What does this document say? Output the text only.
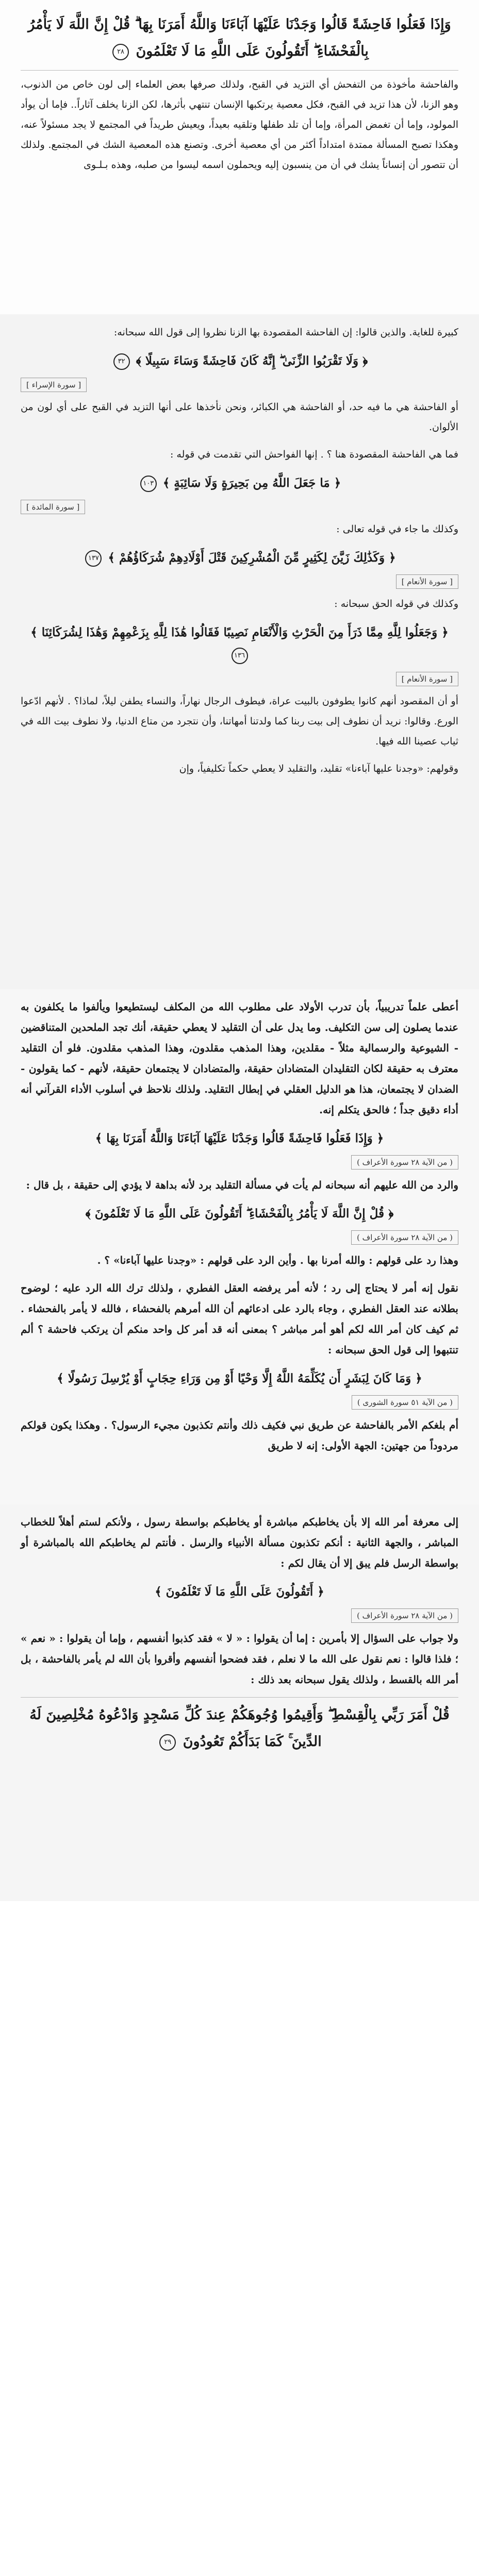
وَإِذَا فَعَلُوا فَاحِشَةً قَالُوا وَجَدْنَا عَلَيْهَا آبَاءَنَا وَاللَّهُ أَمَرَنَا بِهَا ۗ قُلْ إِنَّ اللَّهَ لَا يَأْمُرُ بِالْفَحْشَاءِ ۖ أَتَقُولُونَ عَلَى اللَّهِ مَا لَا تَعْلَمُونَ ٢٨

والفاحشة مأخوذة من التفحش أي التزيد في القبح، ولذلك صرفها بعض العلماء إلى لون خاص من الذنوب، وهو الزنا، لأن هذا تزيد في القبح، فكل معصية يرتكبها الإنسان تنتهي بأثرها، لكن الزنا يخلف آثاراً.. فإما أن يوأد المولود، وإما أن تغمض المرأة، وإما أن تلد طفلها وتلقيه بعيداً، ويعيش طريداً في المجتمع لا يجد مسئولاً عنه، وهكذا تصبح المسألة ممتدة امتداداً أكثر من أي معصية أخرى. وتصنع هذه المعصية الشك في المجتمع. ولذلك أن تتصور أن إنساناً يشك في أن من ينسبون إليه ويحملون اسمه ليسوا من صلبه، وهذه بـلـوى

كبيرة للغاية. والذين قالوا: إن الفاحشة المقصودة بها الزنا نظروا إلى قول الله سبحانه:

﴿ وَلَا تَقْرَبُوا الزِّنَىٰ ۖ إِنَّهُ كَانَ فَاحِشَةً وَسَاءَ سَبِيلًا ﴾ ٣٢
[ سورة الإسراء ]

أو الفاحشة هي ما فيه حد، أو الفاحشة هي الكبائر، ونحن نأخذها على أنها التزيد في القبح على أي لون من الألوان.

فما هي الفاحشة المقصودة هنا ؟ . إنها الفواحش التي تقدمت في قوله :

﴿ مَا جَعَلَ اللَّهُ مِن بَحِيرَةٍ وَلَا سَائِبَةٍ ﴾ ١٠٣
[ سورة المائدة ]

وكذلك ما جاء في قوله تعالى :

﴿ وَكَذَٰلِكَ زَيَّنَ لِكَثِيرٍ مِّنَ الْمُشْرِكِينَ قَتْلَ أَوْلَادِهِمْ شُرَكَاؤُهُمْ ﴾ ١٣٧
[ سورة الأنعام ]

وكذلك في قوله الحق سبحانه :

﴿ وَجَعَلُوا لِلَّهِ مِمَّا ذَرَأَ مِنَ الْحَرْثِ وَالْأَنْعَامِ نَصِيبًا فَقَالُوا هَٰذَا لِلَّهِ بِزَعْمِهِمْ وَهَٰذَا لِشُرَكَائِنَا ﴾ ١٣٦
[ سورة الأنعام ]

أو أن المقصود أنهم كانوا يطوفون بالبيت عراة، فيطوف الرجال نهاراً، والنساء يطفن ليلاً، لماذا؟ . لأنهم ادّعوا الورع. وقالوا: نريد أن نطوف إلى بيت ربنا كما ولدتنا أمهاتنا، وأن نتجرد من متاع الدنيا، ولا نطوف بيت الله في ثياب عصينا الله فيها.

وقولهم: «وجدنا عليها آباءنا» تقليد، والتقليد لا يعطي حكماً تكليفياً، وإن

أعطى علماً تدريبياً، بأن تدرب الأولاد على مطلوب الله من المكلف ليستطيعوا ويألفوا ما يكلفون به عندما يصلون إلى سن التكليف. وما يدل على أن التقليد لا يعطي حقيقة، أنك تجد الملحدين المتناقضين - الشيوعية والرسمالية مثلاً - مقلدين، وهذا المذهب مقلدون، وهذا المذهب مقلدون. فلو أن التقليد معترف به حقيقة لكان التقليدان المتضادان حقيقة، والمتضادان لا يجتمعان حقيقة، لأنهم - كما يقولون - الضدان لا يجتمعان، هذا هو الدليل العقلي في إبطال التقليد. ولذلك نلاحظ في أسلوب الأداء القرآني أنه أداء دقيق جداً ؛ فالحق يتكلم إنه.

﴿ وَإِذَا فَعَلُوا فَاحِشَةً قَالُوا وَجَدْنَا عَلَيْهَا آبَاءَنَا وَاللَّهُ أَمَرَنَا بِهَا ﴾
( من الآية ٢٨ سورة الأعراف )

والرد من الله عليهم أنه سبحانه لم يأت في مسألة التقليد برد لأنه بداهة لا يؤدي إلى حقيقة ، بل قال :

﴿ قُلْ إِنَّ اللَّهَ لَا يَأْمُرُ بِالْفَحْشَاءِ ۖ أَتَقُولُونَ عَلَى اللَّهِ مَا لَا تَعْلَمُونَ ﴾
( من الآية ٢٨ سورة الأعراف )

وهذا رد على قولهم : والله أمرنا بها . وأين الرد على قولهم : «وجدنا عليها آباءنا» ؟ .

نقول إنه أمر لا يحتاج إلى رد ؛ لأنه أمر يرفضه العقل الفطري ، ولذلك ترك الله الرد عليه ؛ لوضوح بطلانه عند العقل الفطري ، وجاء بالرد على ادعائهم أن الله أمرهم بالفحشاء ، فالله لا يأمر بالفحشاء . ثم كيف كان أمر الله لكم أهو أمر مباشر ؟ بمعنى أنه قد أمر كل واحد منكم أن يرتكب فاحشة ؟ ألم تنتبهوا إلى قول الحق سبحانه :

﴿ وَمَا كَانَ لِبَشَرٍ أَن يُكَلِّمَهُ اللَّهُ إِلَّا وَحْيًا أَوْ مِن وَرَاءِ حِجَابٍ أَوْ يُرْسِلَ رَسُولًا ﴾
( من الآية ٥١ سورة الشورى )

أم بلغكم الأمر بالفاحشة عن طريق نبي فكيف ذلك وأنتم تكذبون مجيء الرسول؟ . وهكذا يكون قولكم مردوداً من جهتين: الجهة الأولى: إنه لا طريق

إلى معرفة أمر الله إلا بأن يخاطبكم مباشرة أو يخاطبكم بواسطة رسول ، ولأنكم لستم أهلاً للخطاب المباشر ، والجهة الثانية : أنكم تكذبون مسألة الأنبياء والرسل . فأنتم لم يخاطبكم الله بالمباشرة أو بواسطة الرسل فلم يبق إلا أن يقال لكم :

﴿ أَتَقُولُونَ عَلَى اللَّهِ مَا لَا تَعْلَمُونَ ﴾
( من الآية ٢٨ سورة الأعراف )

ولا جواب على السؤال إلا بأمرين : إما أن يقولوا : « لا » فقد كذبوا أنفسهم ، وإما أن يقولوا : « نعم » ؛ فلذا قالوا : نعم نقول على الله ما لا نعلم ، فقد فضحوا أنفسهم وأقروا بأن الله لم يأمر بالفاحشة ، بل أمر الله بالقسط ، ولذلك يقول سبحانه بعد ذلك :

قُلْ أَمَرَ رَبِّي بِالْقِسْطِ ۖ وَأَقِيمُوا وُجُوهَكُمْ عِندَ كُلِّ مَسْجِدٍ وَادْعُوهُ مُخْلِصِينَ لَهُ الدِّينَ ۚ كَمَا بَدَأَكُمْ تَعُودُونَ ٢٩
